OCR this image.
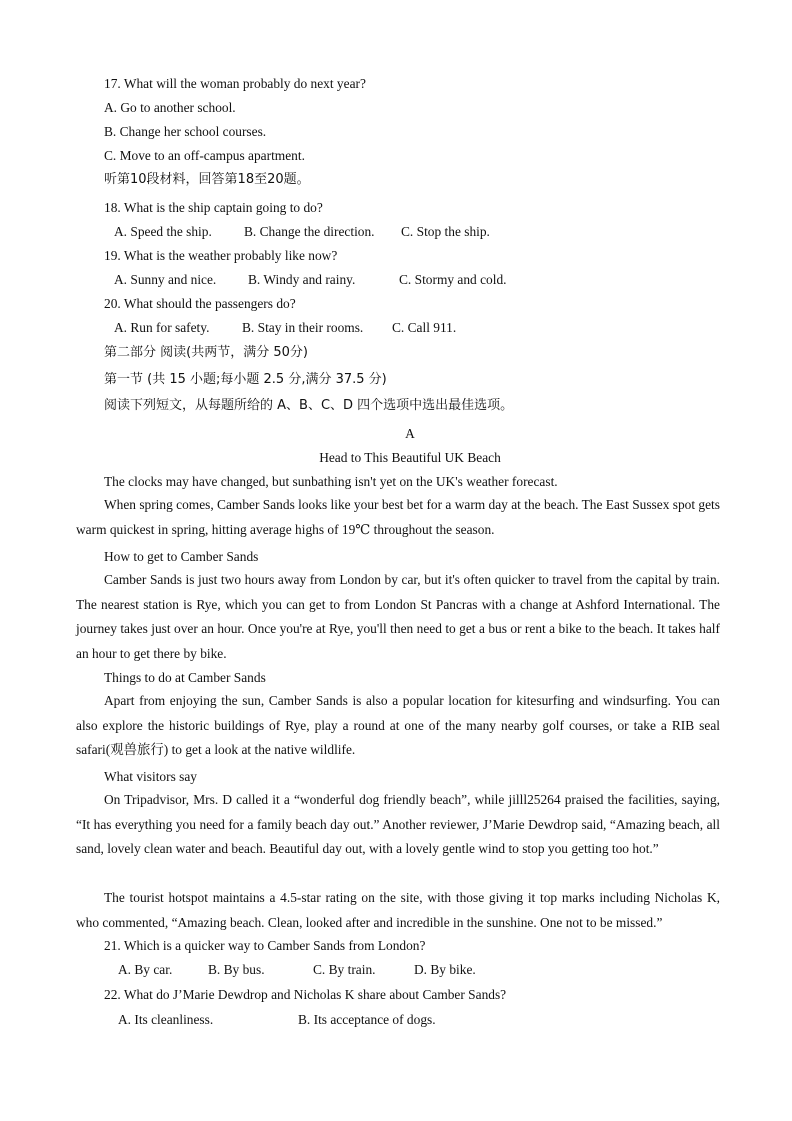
17. What will the woman probably do next year?
A. Go to another school.
B. Change her school courses.
C. Move to an off-campus apartment.
听第10段材料，回答第18至20题。
18. What is the ship captain going to do?
A. Speed the ship. B. Change the direction. C. Stop the ship.
19. What is the weather probably like now?
A. Sunny and nice. B. Windy and rainy.	C. Stormy and cold.
20. What should the passengers do?
A. Run for safety. B. Stay in their rooms. C. Call 911.
第二部分 阅读(共两节，满分 50分)
第一节 (共 15 小题;每小题 2.5 分,满分 37.5 分)
阅读下列短文，从每题所给的 A、B、C、D 四个选项中选出最佳选项。
A
Head to This Beautiful UK Beach
The clocks may have changed, but sunbathing isn't yet on the UK's weather forecast.
When spring comes, Camber Sands looks like your best bet for a warm day at the beach. The East Sussex spot gets warm quickest in spring, hitting average highs of 19℃ throughout the season.
How to get to Camber Sands
Camber Sands is just two hours away from London by car, but it's often quicker to travel from the capital by train. The nearest station is Rye, which you can get to from London St Pancras with a change at Ashford International. The journey takes just over an hour. Once you're at Rye, you'll then need to get a bus or rent a bike to the beach. It takes half an hour to get there by bike.
Things to do at Camber Sands
Apart from enjoying the sun, Camber Sands is also a popular location for kitesurfing and windsurfing. You can also explore the historic buildings of Rye, play a round at one of the many nearby golf courses, or take a RIB seal safari(观兽旅行) to get a look at the native wildlife.
What visitors say
On Tripadvisor, Mrs. D called it a “wonderful dog friendly beach”, while jilll25264 praised the facilities, saying, “It has everything you need for a family beach day out.” Another reviewer, J’Marie Dewdrop said, “Amazing beach, all sand, lovely clean water and beach. Beautiful day out, with a lovely gentle wind to stop you getting too hot.”
The tourist hotspot maintains a 4.5-star rating on the site, with those giving it top marks including Nicholas K, who commented, “Amazing beach. Clean, looked after and incredible in the sunshine. One not to be missed.”
21. Which is a quicker way to Camber Sands from London?
A. By car.	B. By bus.	C. By train.	D. By bike.
22. What do J’Marie Dewdrop and Nicholas K share about Camber Sands?
A. Its cleanliness.	B. Its acceptance of dogs.
